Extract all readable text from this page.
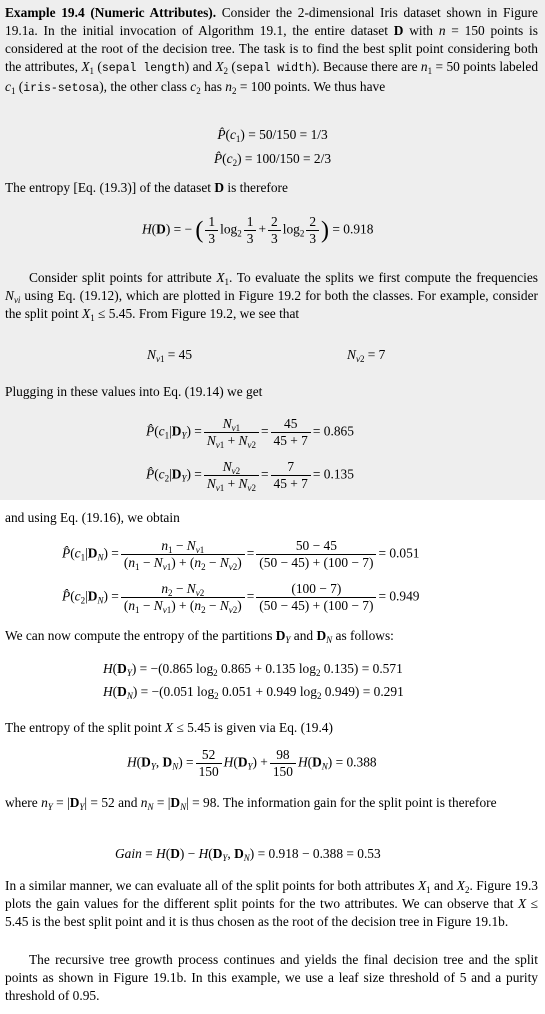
Example 19.4 (Numeric Attributes). Consider the 2-dimensional Iris dataset shown in Figure 19.1a. In the initial invocation of Algorithm 19.1, the entire dataset D with n = 150 points is considered at the root of the decision tree. The task is to find the best split point considering both the attributes, $X_1$ (sepal length) and $X_2$ (sepal width). Because there are $n_1 = 50$ points labeled $c_1$ (iris-setosa), the other class $c_2$ has $n_2 = 100$ points. We thus have
$P̂(c_1) = 50/150 = 1/3$
$P̂(c_2) = 100/150 = 2/3$
The entropy [Eq. (19.3)] of the dataset D is therefore
H(D) = − ( $\frac{1}{3} \log_2 \frac{1}{3} + \frac{2}{3} \log_2 \frac{2}{3}$ ) = 0.918
Consider split points for attribute $X_1$. To evaluate the splits we first compute the frequencies $N_{vi}$ using Eq. (19.12), which are plotted in Figure 19.2 for both the classes. For example, consider the split point $X_1 \le 5.45$. From Figure 19.2, we see that
$N_{v1} = 45$	$N_{v2} = 7$
Plugging in these values into Eq. (19.14) we get
$P̂(c_1|D_Y) = \frac{N_{v1}}{N_{v1} + N_{v2}} = \frac{45}{45 + 7} = 0.865$
$P̂(c_2|D_Y) = \frac{N_{v2}}{N_{v1} + N_{v2}} = \frac{7}{45 + 7} = 0.135$
and using Eq. (19.16), we obtain
$P̂(c_1|D_N) = \frac{n_1 - N_{v1}}{(n_1 - N_{v1}) + (n_2 - N_{v2})} = \frac{50 - 45}{(50 - 45) + (100 - 7)} = 0.051$
$P̂(c_2|D_N) = \frac{n_2 - N_{v2}}{(n_1 - N_{v1}) + (n_2 - N_{v2})} = \frac{(100 - 7)}{(50 - 45) + (100 - 7)} = 0.949$
We can now compute the entropy of the partitions $D_Y$ and $D_N$ as follows:
$H(D_Y) = -(0.865$ $\log_2 0.865 + 0.135$ $\log_2 0.135) = 0.571$
$H(D_N) = -(0.051$ $\log_2 0.051 + 0.949$ $\log_2 0.949) = 0.291$
The entropy of the split point X ≤ 5.45 is given via Eq. (19.4)
$H(D_Y$, $D_N) = \frac{52}{150} H(D_Y) + \frac{98}{150} H(D_N) = 0.388$
where $n_Y = |D_Y| = 52$ and $n_N = |D_N| = 98$. The information gain for the split point is therefore
Gain = $H(D) - H(D_Y$, $D_N) = 0.918 - 0.388 = 0.53$
In a similar manner, we can evaluate all of the split points for both attributes $X_1$ and $X_2$. Figure 19.3 plots the gain values for the different split points for the two attributes. We can observe that X ≤ 5.45 is the best split point and it is thus chosen as the root of the decision tree in Figure 19.1b.
The recursive tree growth process continues and yields the final decision tree and the split points as shown in Figure 19.1b. In this example, we use a leaf size threshold of 5 and a purity threshold of 0.95.
